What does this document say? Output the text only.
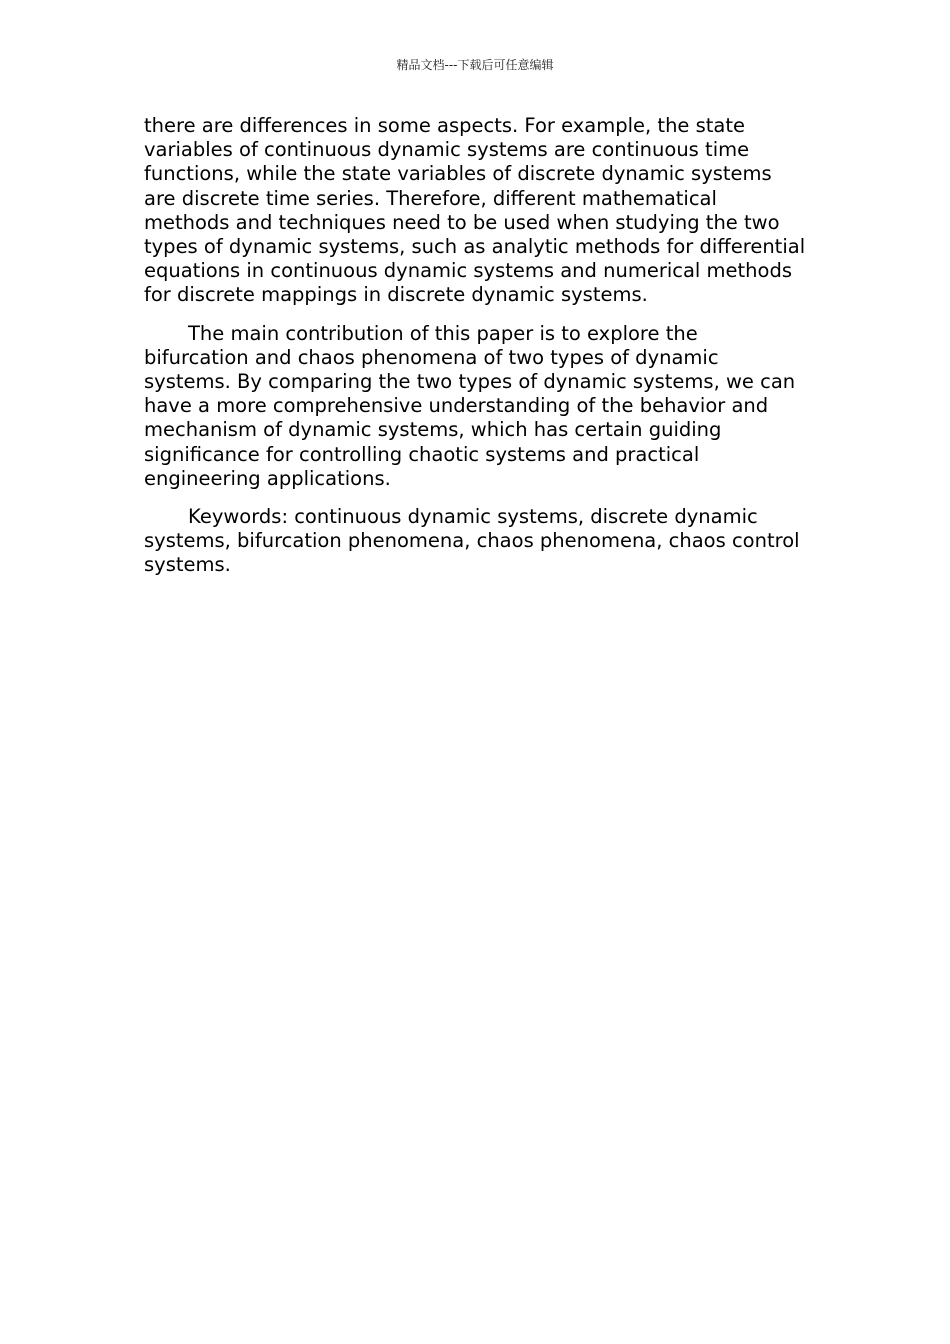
精品文档---下载后可任意编辑

there are differences in some aspects. For example, the state variables of continuous dynamic systems are continuous time functions, while the state variables of discrete dynamic systems are discrete time series. Therefore, different mathematical methods and techniques need to be used when studying the two types of dynamic systems, such as analytic methods for differential equations in continuous dynamic systems and numerical methods for discrete mappings in discrete dynamic systems.

The main contribution of this paper is to explore the bifurcation and chaos phenomena of two types of dynamic systems. By comparing the two types of dynamic systems, we can have a more comprehensive understanding of the behavior and mechanism of dynamic systems, which has certain guiding significance for controlling chaotic systems and practical engineering applications.

Keywords: continuous dynamic systems, discrete dynamic systems, bifurcation phenomena, chaos phenomena, chaos control systems.
